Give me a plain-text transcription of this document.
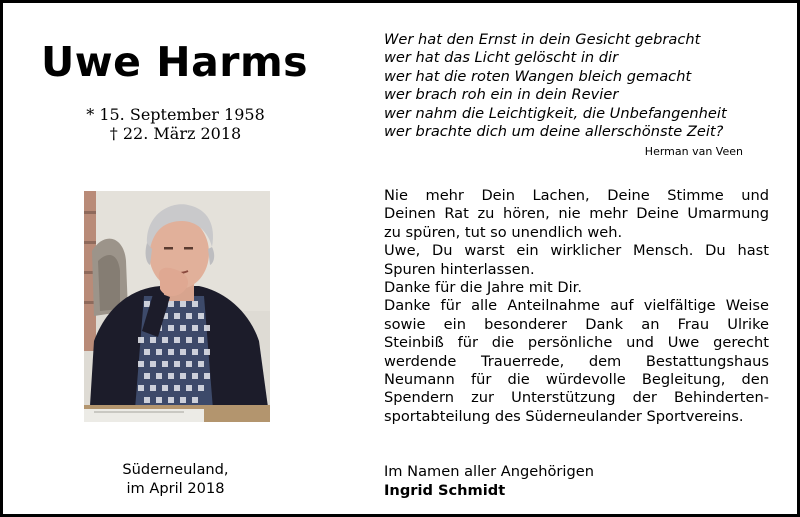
Uwe Harms
* 15. September 1958
† 22. März 2018
Wer hat den Ernst in dein Gesicht gebracht
wer hat das Licht gelöscht in dir
wer hat die roten Wangen bleich gemacht
wer brach roh ein in dein Revier
wer nahm die Leichtigkeit, die Unbefangenheit
wer brachte dich um deine allerschönste Zeit?
Herman van Veen
Nie mehr Dein Lachen, Deine Stimme und
Deinen Rat zu hören, nie mehr Deine Umarmung
zu spüren, tut so unendlich weh.
Uwe, Du warst ein wirklicher Mensch. Du hast
Spuren hinterlassen.
Danke für die Jahre mit Dir.
Danke für alle Anteilnahme auf vielfältige Weise
sowie ein besonderer Dank an Frau Ulrike
Steinbiß für die persönliche und Uwe gerecht
werdende Trauerrede, dem Bestattungshaus
Neumann für die würdevolle Begleitung, den
Spendern zur Unterstützung der Behinderten-
sportabteilung des Süderneulander Sportvereins.
Süderneuland,
im April 2018
Im Namen aller Angehörigen
Ingrid Schmidt
